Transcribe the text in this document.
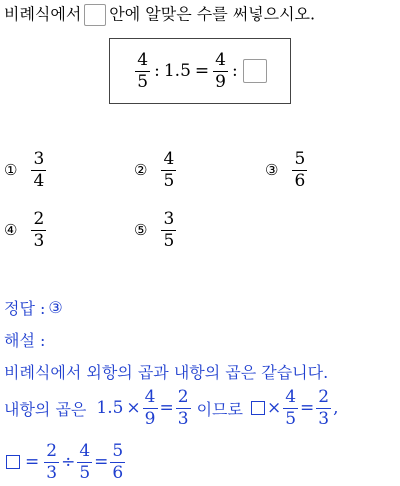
비례식에서 안에 알맞은 수를 써넣으시오.
$\frac{4}{5}$ : $1.5 = \frac{4}{9}$ :
① $\frac{3}{4}$	② $\frac{4}{5}$	③ $\frac{5}{6}$
④ $\frac{2}{3}$	⑤ $\frac{3}{5}$
정답 : ③
해설 :
비례식에서 외항의 곱과 내항의 곱은 같습니다.
내항의 곱은 $1.5 \times \frac{4}{9} = \frac{2}{3}$ 이므로 × $\frac{4}{5} = \frac{2}{3}$ ,
= $\frac{2}{3} \div \frac{4}{5} = \frac{5}{6}$
